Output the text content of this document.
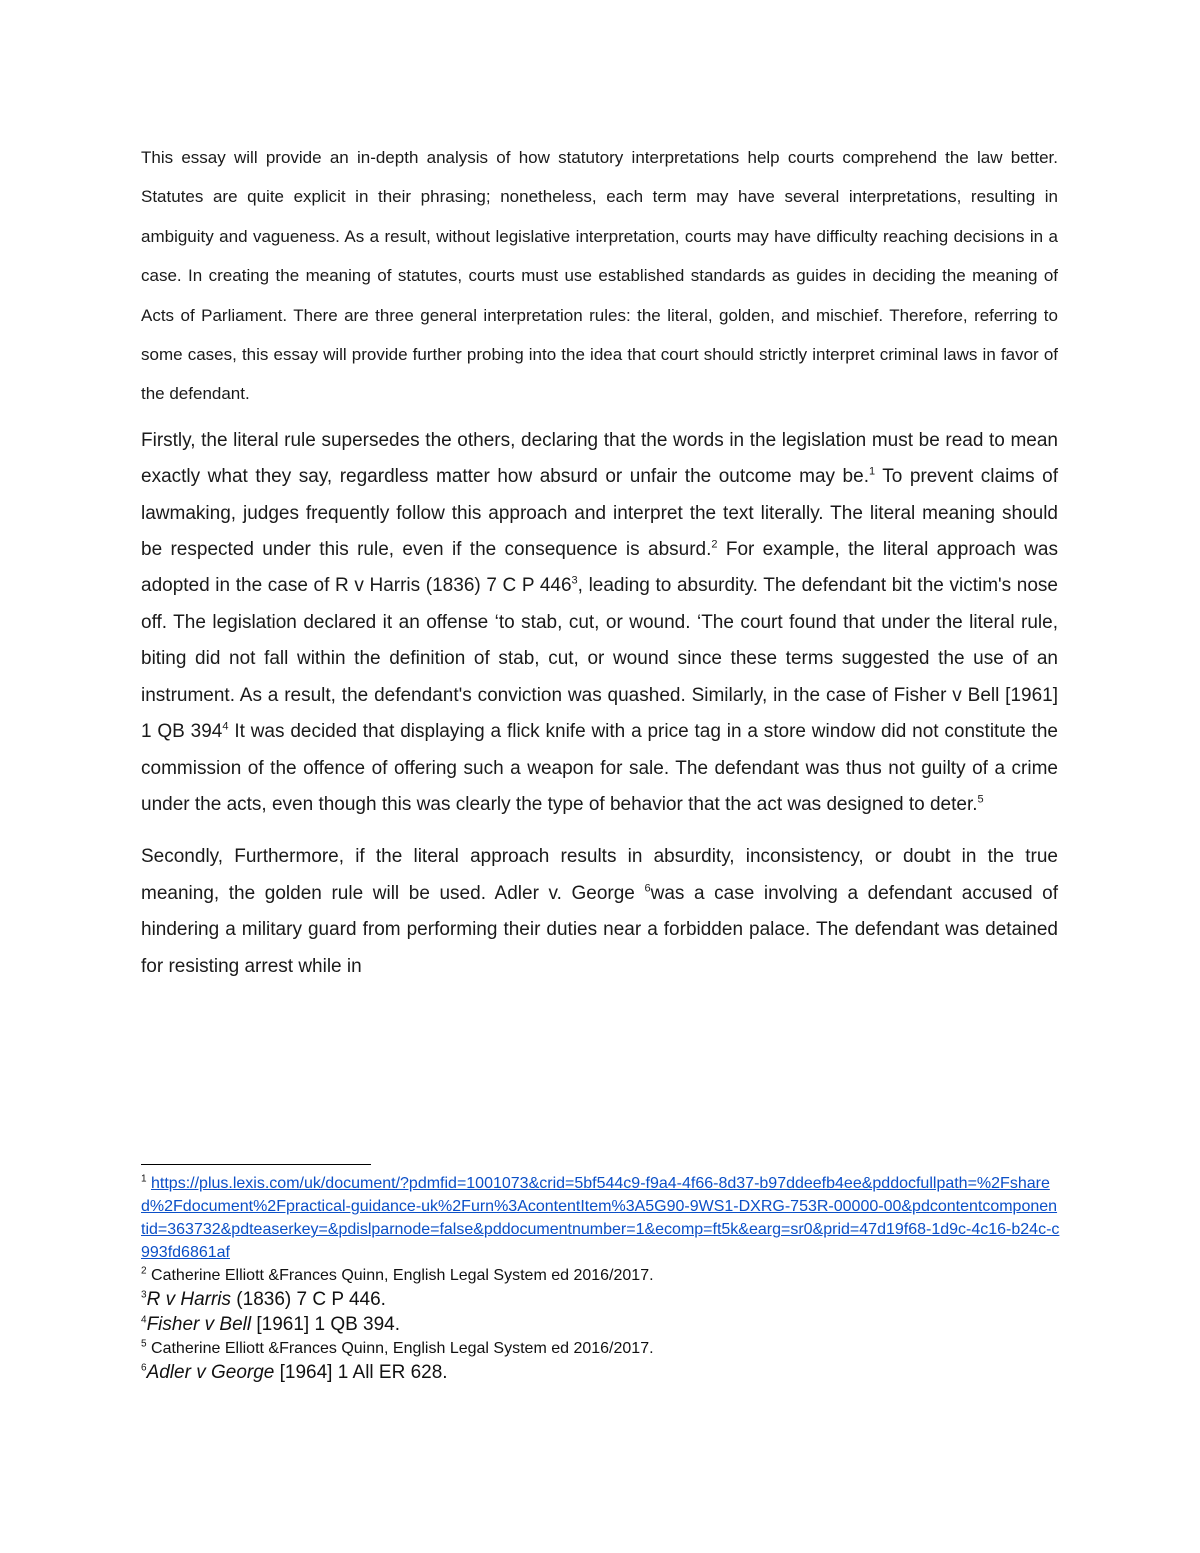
This essay will provide an in-depth analysis of how statutory interpretations help courts comprehend the law better. Statutes are quite explicit in their phrasing; nonetheless, each term may have several interpretations, resulting in ambiguity and vagueness. As a result, without legislative interpretation, courts may have difficulty reaching decisions in a case. In creating the meaning of statutes, courts must use established standards as guides in deciding the meaning of Acts of Parliament. There are three general interpretation rules: the literal, golden, and mischief. Therefore, referring to some cases, this essay will provide further probing into the idea that court should strictly interpret criminal laws in favor of the defendant.

Firstly, the literal rule supersedes the others, declaring that the words in the legislation must be read to mean exactly what they say, regardless matter how absurd or unfair the outcome may be.$^1$ To prevent claims of lawmaking, judges frequently follow this approach and interpret the text literally. The literal meaning should be respected under this rule, even if the consequence is absurd.$^2$ For example, the literal approach was adopted in the case of R v Harris (1836) 7 C P 446$^3$, leading to absurdity. The defendant bit the victim's nose off. The legislation declared it an offense ‘to stab, cut, or wound. ‘The court found that under the literal rule, biting did not fall within the definition of stab, cut, or wound since these terms suggested the use of an instrument. As a result, the defendant's conviction was quashed. Similarly, in the case of Fisher v Bell [1961] 1 QB 394$^4$ It was decided that displaying a flick knife with a price tag in a store window did not constitute the commission of the offence of offering such a weapon for sale. The defendant was thus not guilty of a crime under the acts, even though this was clearly the type of behavior that the act was designed to deter.$^5$

Secondly, Furthermore, if the literal approach results in absurdity, inconsistency, or doubt in the true meaning, the golden rule will be used. Adler v. George $^6$was a case involving a defendant accused of hindering a military guard from performing their duties near a forbidden palace. The defendant was detained for resisting arrest while in

$^1$ https://plus.lexis.com/uk/document/?pdmfid=1001073&crid=5bf544c9-f9a4-4f66-8d37-b97ddeefb4ee&pddocfullpath=%2Fshared%2Fdocument%2Fpractical-guidance-uk%2Furn%3AcontentItem%3A5G90-9WS1-DXRG-753R-00000-00&pdcontentcomponentid=363732&pdteaserkey=&pdislparnode=false&pddocumentnumber=1&ecomp=ft5k&earg=sr0&prid=47d19f68-1d9c-4c16-b24c-c993fd6861af

$^2$ Catherine Elliott &Frances Quinn, English Legal System ed 2016/2017.

$^3$R v Harris (1836) 7 C P 446.

$^4$Fisher v Bell [1961] 1 QB 394.

$^5$ Catherine Elliott &Frances Quinn, English Legal System ed 2016/2017.

$^6$Adler v George [1964] 1 All ER 628.
